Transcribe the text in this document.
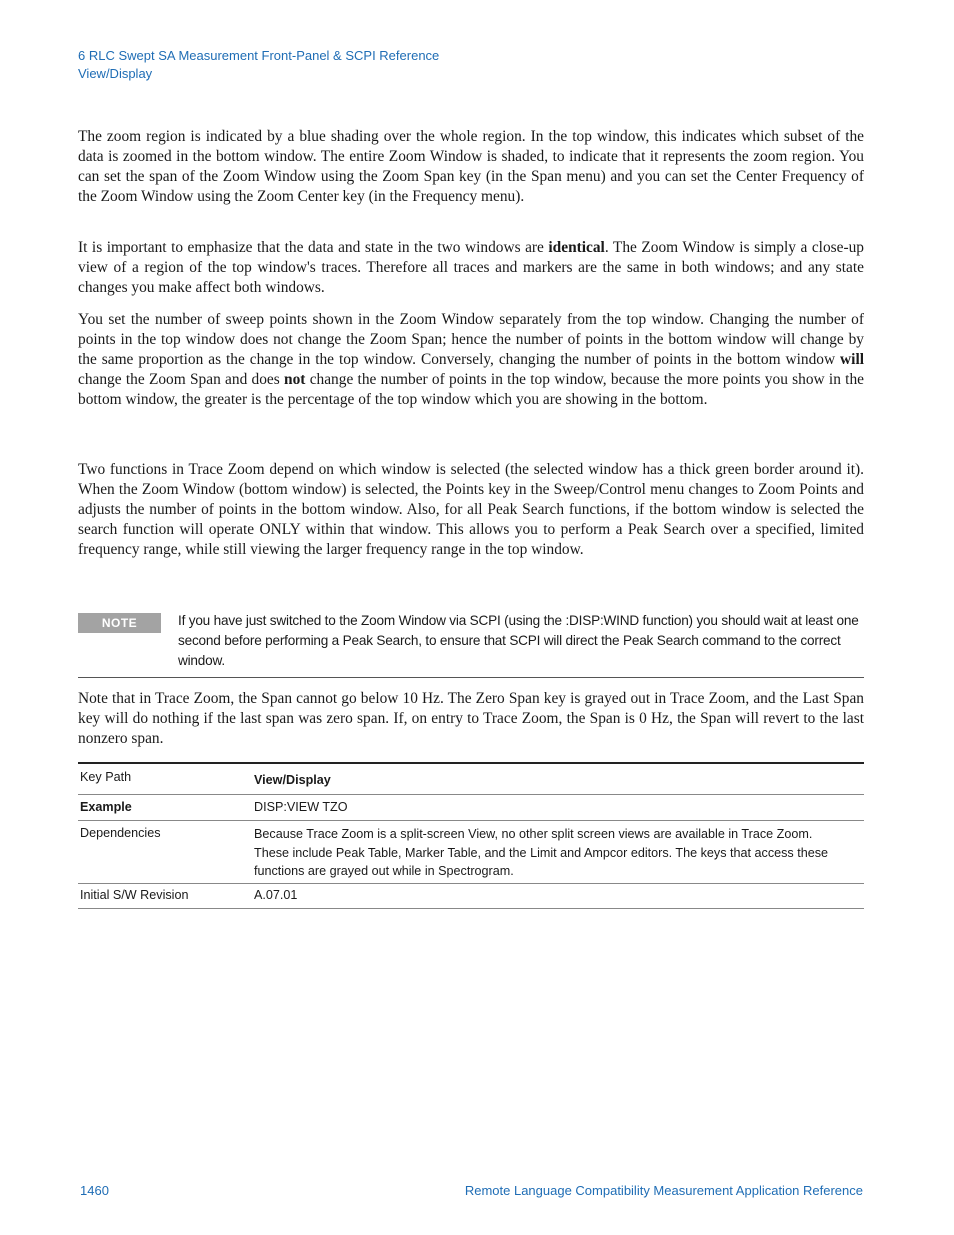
6 RLC Swept SA Measurement Front-Panel & SCPI Reference
View/Display

The zoom region is indicated by a blue shading over the whole region. In the top window, this indicates which subset of the data is zoomed in the bottom window. The entire Zoom Window is shaded, to indicate that it represents the zoom region. You can set the span of the Zoom Window using the Zoom Span key (in the Span menu) and you can set the Center Frequency of the Zoom Window using the Zoom Center key (in the Frequency menu).

It is important to emphasize that the data and state in the two windows are identical. The Zoom Window is simply a close-up view of a region of the top window's traces. Therefore all traces and markers are the same in both windows; and any state changes you make affect both windows.

You set the number of sweep points shown in the Zoom Window separately from the top window. Changing the number of points in the top window does not change the Zoom Span; hence the number of points in the bottom window will change by the same proportion as the change in the top window. Conversely, changing the number of points in the bottom window will change the Zoom Span and does not change the number of points in the top window, because the more points you show in the bottom window, the greater is the percentage of the top window which you are showing in the bottom.

Two functions in Trace Zoom depend on which window is selected (the selected window has a thick green border around it). When the Zoom Window (bottom window) is selected, the Points key in the Sweep/Control menu changes to Zoom Points and adjusts the number of points in the bottom window. Also, for all Peak Search functions, if the bottom window is selected the search function will operate ONLY within that window. This allows you to perform a Peak Search over a specified, limited frequency range, while still viewing the larger frequency range in the top window.

NOTE	If you have just switched to the Zoom Window via SCPI (using the :DISP:WIND function) you should wait at least one second before performing a Peak Search, to ensure that SCPI will direct the Peak Search command to the correct window.

Note that in Trace Zoom, the Span cannot go below 10 Hz. The Zero Span key is grayed out in Trace Zoom, and the Last Span key will do nothing if the last span was zero span. If, on entry to Trace Zoom, the Span is 0 Hz, the Span will revert to the last nonzero span.

Key Path	View/Display
Example	DISP:VIEW TZO
Dependencies	Because Trace Zoom is a split-screen View, no other split screen views are available in Trace Zoom. These include Peak Table, Marker Table, and the Limit and Ampcor editors. The keys that access these functions are grayed out while in Spectrogram.
Initial S/W Revision	A.07.01
1460	Remote Language Compatibility Measurement Application Reference
